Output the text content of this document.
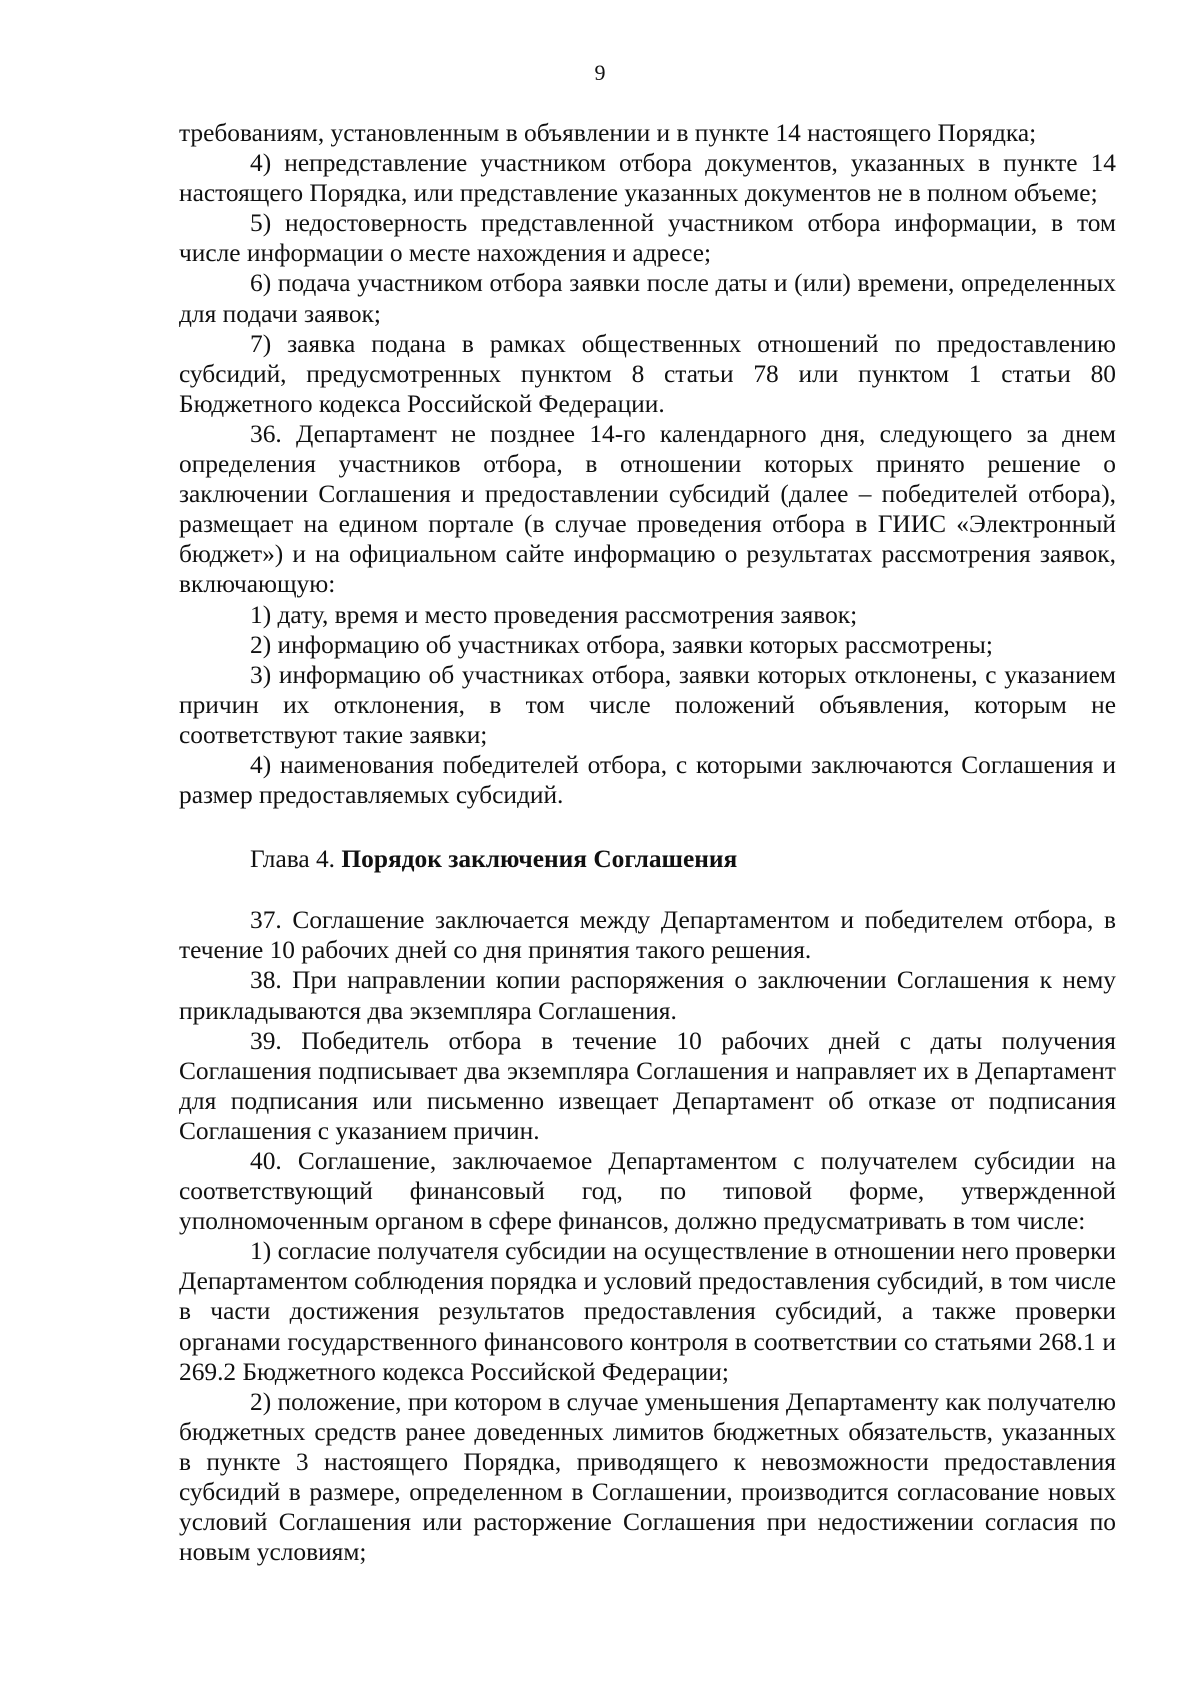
9

требованиям, установленным в объявлении и в пункте 14 настоящего Порядка;

4) непредставление участником отбора документов, указанных в пункте 14 настоящего Порядка, или представление указанных документов не в полном объеме;

5) недостоверность представленной участником отбора информации, в том числе информации о месте нахождения и адресе;

6) подача участником отбора заявки после даты и (или) времени, определенных для подачи заявок;

7) заявка подана в рамках общественных отношений по предоставлению субсидий, предусмотренных пунктом 8 статьи 78 или пунктом 1 статьи 80 Бюджетного кодекса Российской Федерации.

36. Департамент не позднее 14-го календарного дня, следующего за днем определения участников отбора, в отношении которых принято решение о заключении Соглашения и предоставлении субсидий (далее – победителей отбора), размещает на едином портале (в случае проведения отбора в ГИИС «Электронный бюджет») и на официальном сайте информацию о результатах рассмотрения заявок, включающую:

1) дату, время и место проведения рассмотрения заявок;

2) информацию об участниках отбора, заявки которых рассмотрены;

3) информацию об участниках отбора, заявки которых отклонены, с указанием причин их отклонения, в том числе положений объявления, которым не соответствуют такие заявки;

4) наименования победителей отбора, с которыми заключаются Соглашения и размер предоставляемых субсидий.

Глава 4. Порядок заключения Соглашения

37. Соглашение заключается между Департаментом и победителем отбора, в течение 10 рабочих дней со дня принятия такого решения.

38. При направлении копии распоряжения о заключении Соглашения к нему прикладываются два экземпляра Соглашения.

39. Победитель отбора в течение 10 рабочих дней с даты получения Соглашения подписывает два экземпляра Соглашения и направляет их в Департамент для подписания или письменно извещает Департамент об отказе от подписания Соглашения с указанием причин.

40. Соглашение, заключаемое Департаментом с получателем субсидии на соответствующий финансовый год, по типовой форме, утвержденной уполномоченным органом в сфере финансов, должно предусматривать в том числе:

1) согласие получателя субсидии на осуществление в отношении него проверки Департаментом соблюдения порядка и условий предоставления субсидий, в том числе в части достижения результатов предоставления субсидий, а также проверки органами государственного финансового контроля в соответствии со статьями 268.1 и 269.2 Бюджетного кодекса Российской Федерации;

2) положение, при котором в случае уменьшения Департаменту как получателю бюджетных средств ранее доведенных лимитов бюджетных обязательств, указанных в пункте 3 настоящего Порядка, приводящего к невозможности предоставления субсидий в размере, определенном в Соглашении, производится согласование новых условий Соглашения или расторжение Соглашения при недостижении согласия по новым условиям;
